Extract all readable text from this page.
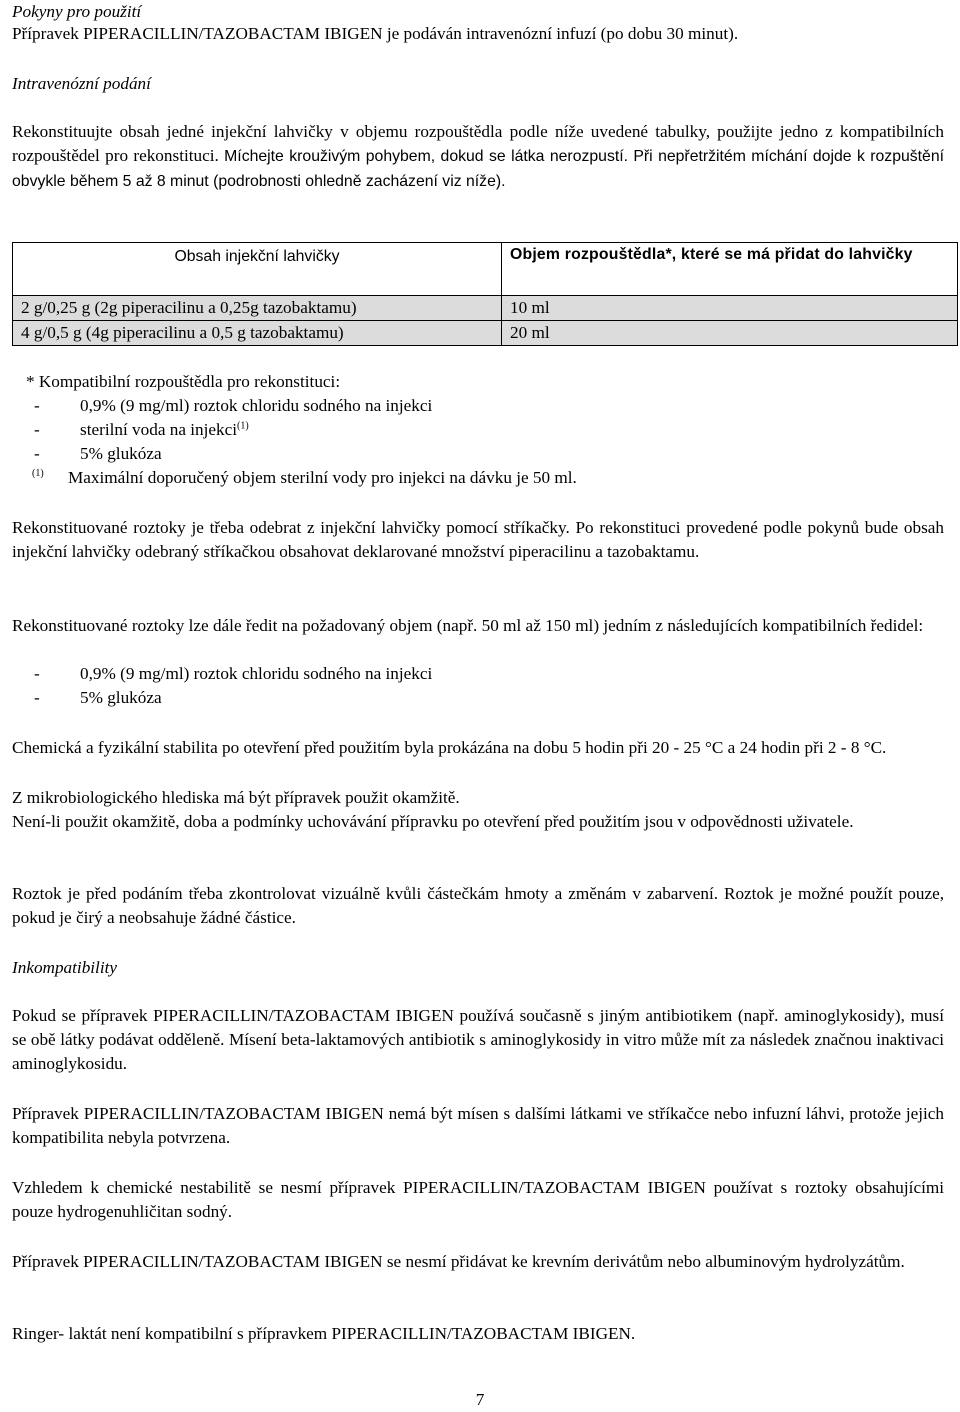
Pokyny pro použití

Přípravek PIPERACILLIN/TAZOBACTAM IBIGEN je podáván intravenózní infuzí (po dobu 30 minut).

Intravenózní podání

Rekonstituujte obsah jedné injekční lahvičky v objemu rozpouštědla podle níže uvedené tabulky, použijte jedno z kompatibilních rozpouštědel pro rekonstituci. Míchejte krouživým pohybem, dokud se látka nerozpustí. Při nepřetržitém míchání dojde k rozpuštění obvykle během 5 až 8 minut (podrobnosti ohledně zacházení viz níže).
Obsah injekční lahvičky	Objem rozpouštědla*, které se má přidat do lahvičky
2 g/0,25 g (2g piperacilinu a 0,25g tazobaktamu)	10 ml
4 g/0,5 g (4g piperacilinu a 0,5 g tazobaktamu)	20 ml

* Kompatibilní rozpouštědla pro rekonstituci:

- 0,9% (9 mg/ml) roztok chloridu sodného na injekci
- sterilní voda na injekci$^{(1)}$
- 5% glukóza
$^{(1)}$ Maximální doporučený objem sterilní vody pro injekci na dávku je 50 ml.

Rekonstituované roztoky je třeba odebrat z injekční lahvičky pomocí stříkačky. Po rekonstituci provedené podle pokynů bude obsah injekční lahvičky odebraný stříkačkou obsahovat deklarované množství piperacilinu a tazobaktamu.

Rekonstituované roztoky lze dále ředit na požadovaný objem (např. 50 ml až 150 ml) jedním z následujících kompatibilních ředidel:

- 0,9% (9 mg/ml) roztok chloridu sodného na injekci
- 5% glukóza

Chemická a fyzikální stabilita po otevření před použitím byla prokázána na dobu 5 hodin při 20 - 25 °C a 24 hodin při 2 - 8 °C.

Z mikrobiologického hlediska má být přípravek použit okamžitě.

Není-li použit okamžitě, doba a podmínky uchovávání přípravku po otevření před použitím jsou v odpovědnosti uživatele.

Roztok je před podáním třeba zkontrolovat vizuálně kvůli částečkám hmoty a změnám v zabarvení. Roztok je možné použít pouze, pokud je čirý a neobsahuje žádné částice.

Inkompatibility

Pokud se přípravek PIPERACILLIN/TAZOBACTAM IBIGEN používá současně s jiným antibiotikem (např. aminoglykosidy), musí se obě látky podávat odděleně. Mísení beta-laktamových antibiotik s aminoglykosidy in vitro může mít za následek značnou inaktivaci aminoglykosidu.

Přípravek PIPERACILLIN/TAZOBACTAM IBIGEN nemá být mísen s dalšími látkami ve stříkačce nebo infuzní láhvi, protože jejich kompatibilita nebyla potvrzena.

Vzhledem k chemické nestabilitě se nesmí přípravek PIPERACILLIN/TAZOBACTAM IBIGEN používat s roztoky obsahujícími pouze hydrogenuhličitan sodný.

Přípravek PIPERACILLIN/TAZOBACTAM IBIGEN se nesmí přidávat ke krevním derivátům nebo albuminovým hydrolyzátům.

Ringer- laktát není kompatibilní s přípravkem PIPERACILLIN/TAZOBACTAM IBIGEN.

7
